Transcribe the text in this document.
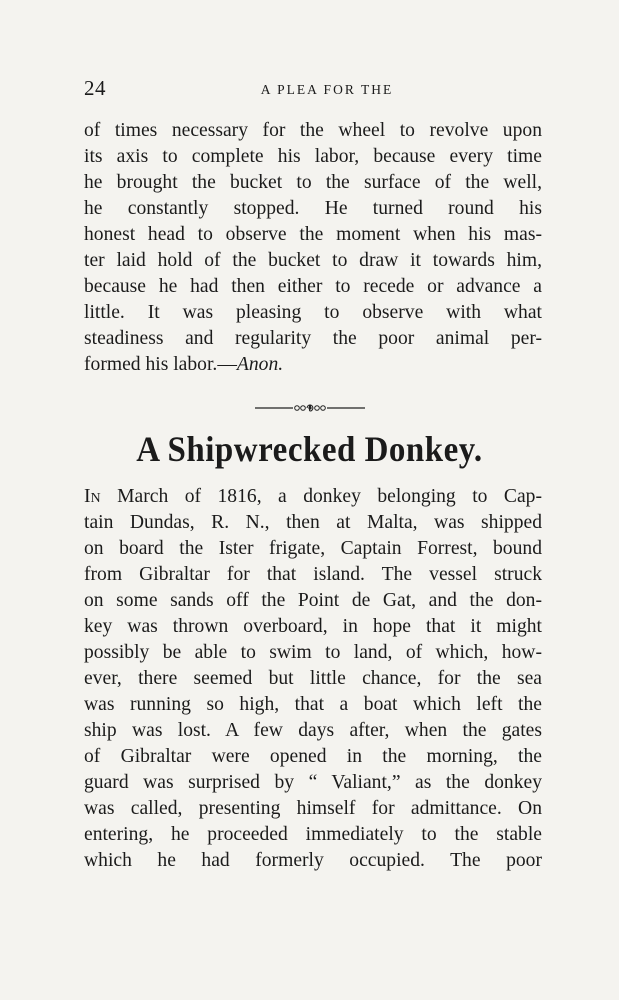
24	A PLEA FOR THE
of times necessary for the wheel to revolve upon
its axis to complete his labor, because every time
he brought the bucket to the surface of the well,
he constantly stopped. He turned round his
honest head to observe the moment when his mas-
ter laid hold of the bucket to draw it towards him,
because he had then either to recede or advance a
little. It was pleasing to observe with what
steadiness and regularity the poor animal per-
formed his labor.—Anon.
A Shipwrecked Donkey.
In March of 1816, a donkey belonging to Cap-
tain Dundas, R. N., then at Malta, was shipped
on board the Ister frigate, Captain Forrest, bound
from Gibraltar for that island. The vessel struck
on some sands off the Point de Gat, and the don-
key was thrown overboard, in hope that it might
possibly be able to swim to land, of which, how-
ever, there seemed but little chance, for the sea
was running so high, that a boat which left the
ship was lost. A few days after, when the gates
of Gibraltar were opened in the morning, the
guard was surprised by “ Valiant,” as the donkey
was called, presenting himself for admittance. On
entering, he proceeded immediately to the stable
which he had formerly occupied. The poor
